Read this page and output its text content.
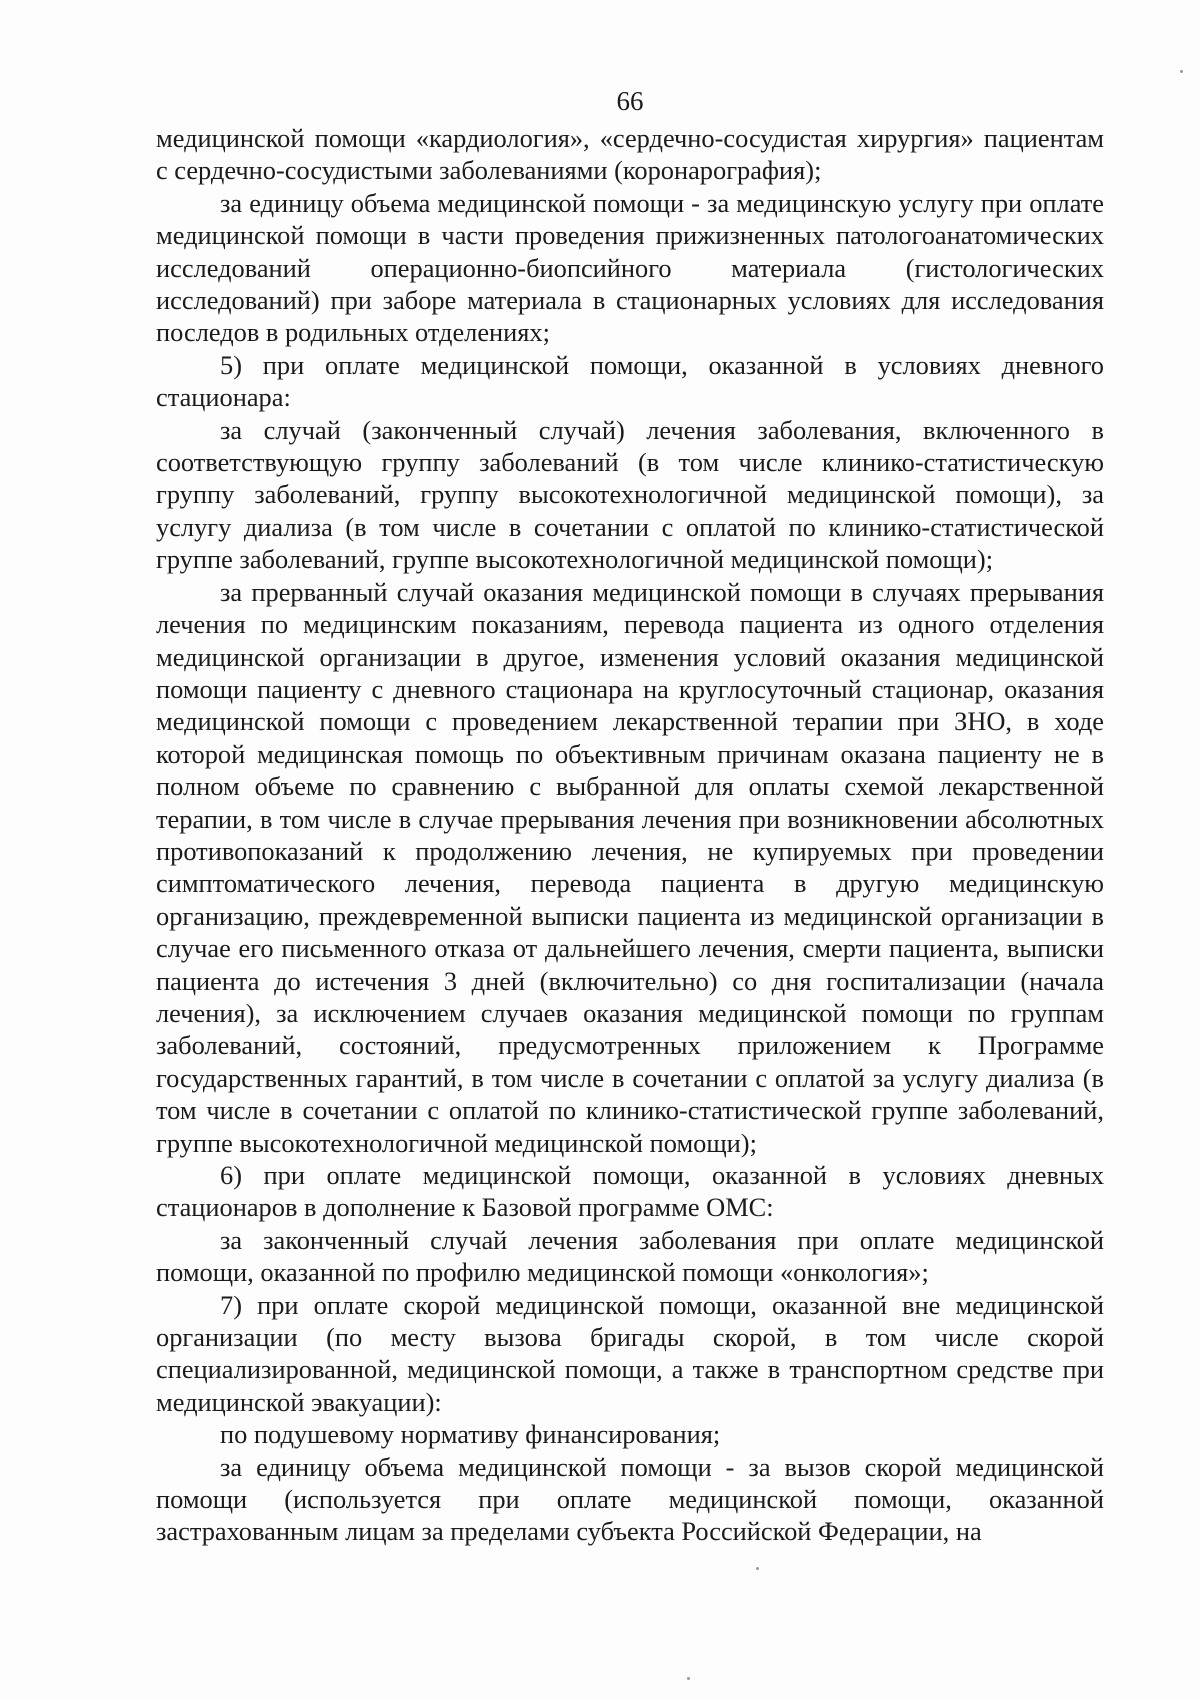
66

медицинской помощи «кардиология», «сердечно-сосудистая хирургия» пациентам с сердечно-сосудистыми заболеваниями (коронарография);

за единицу объема медицинской помощи - за медицинскую услугу при оплате медицинской помощи в части проведения прижизненных патологоанатомических исследований операционно-биопсийного материала (гистологических исследований) при заборе материала в стационарных условиях для исследования последов в родильных отделениях;

5) при оплате медицинской помощи, оказанной в условиях дневного стационара:

за случай (законченный случай) лечения заболевания, включенного в соответствующую группу заболеваний (в том числе клинико-статистическую группу заболеваний, группу высокотехнологичной медицинской помощи), за услугу диализа (в том числе в сочетании с оплатой по клинико-статистической группе заболеваний, группе высокотехнологичной медицинской помощи);

за прерванный случай оказания медицинской помощи в случаях прерывания лечения по медицинским показаниям, перевода пациента из одного отделения медицинской организации в другое, изменения условий оказания медицинской помощи пациенту с дневного стационара на круглосуточный стационар, оказания медицинской помощи с проведением лекарственной терапии при ЗНО, в ходе которой медицинская помощь по объективным причинам оказана пациенту не в полном объеме по сравнению с выбранной для оплаты схемой лекарственной терапии, в том числе в случае прерывания лечения при возникновении абсолютных противопоказаний к продолжению лечения, не купируемых при проведении симптоматического лечения, перевода пациента в другую медицинскую организацию, преждевременной выписки пациента из медицинской организации в случае его письменного отказа от дальнейшего лечения, смерти пациента, выписки пациента до истечения 3 дней (включительно) со дня госпитализации (начала лечения), за исключением случаев оказания медицинской помощи по группам заболеваний, состояний, предусмотренных приложением к Программе государственных гарантий, в том числе в сочетании с оплатой за услугу диализа (в том числе в сочетании с оплатой по клинико-статистической группе заболеваний, группе высокотехнологичной медицинской помощи);

6) при оплате медицинской помощи, оказанной в условиях дневных стационаров в дополнение к Базовой программе ОМС:

за законченный случай лечения заболевания при оплате медицинской помощи, оказанной по профилю медицинской помощи «онкология»;

7) при оплате скорой медицинской помощи, оказанной вне медицинской организации (по месту вызова бригады скорой, в том числе скорой специализированной, медицинской помощи, а также в транспортном средстве при медицинской эвакуации):

по подушевому нормативу финансирования;

за единицу объема медицинской помощи - за вызов скорой медицинской помощи (используется при оплате медицинской помощи, оказанной застрахованным лицам за пределами субъекта Российской Федерации, на
